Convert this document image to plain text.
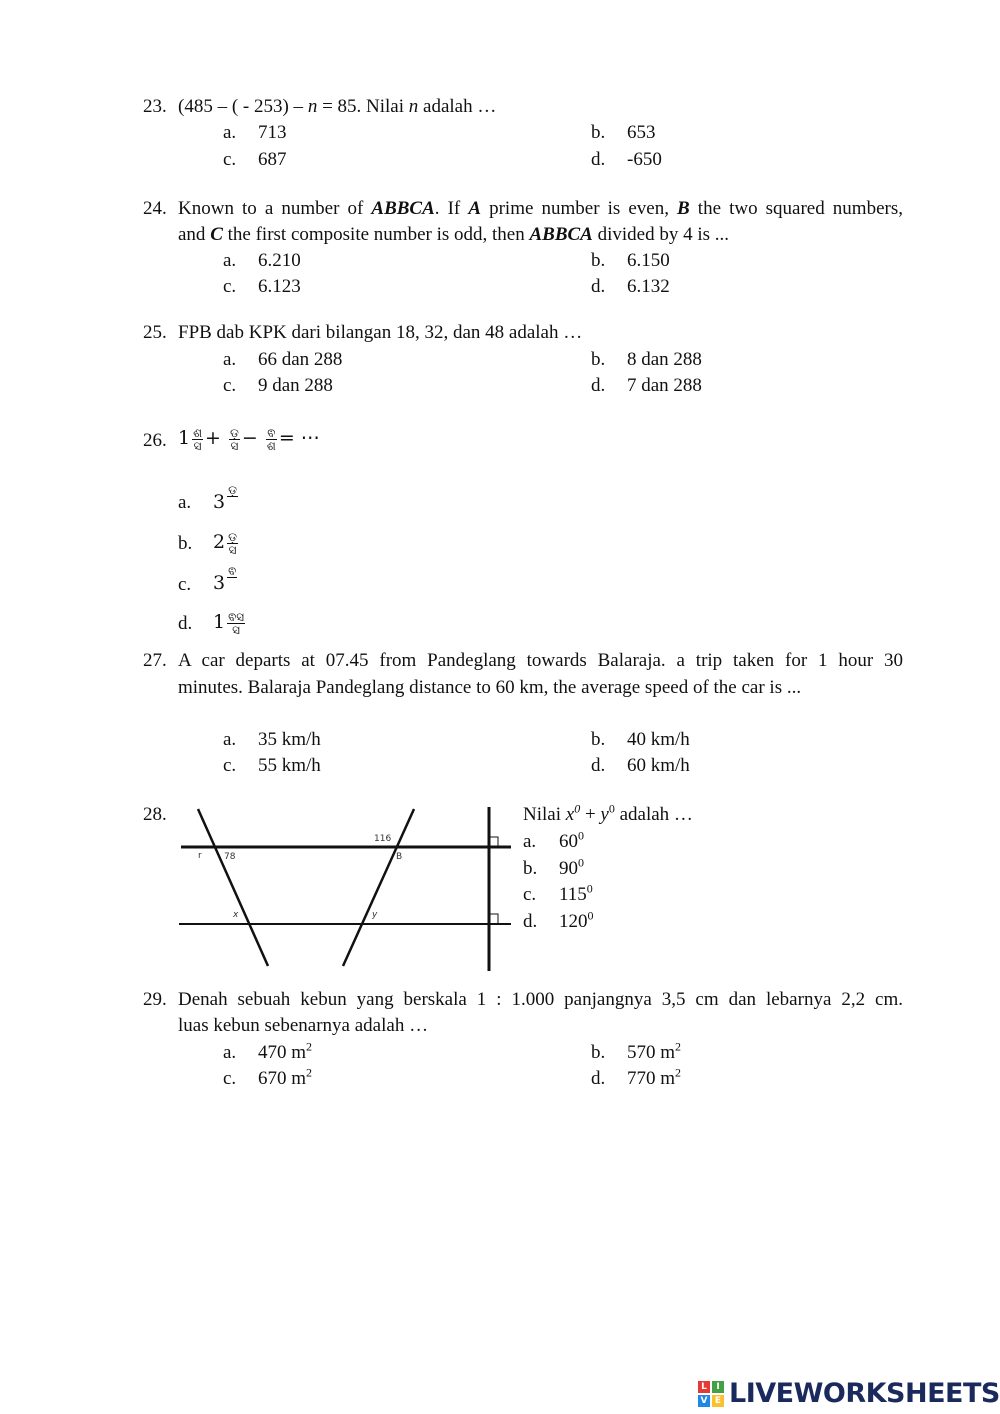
23. (485 – ( - 253) – n = 85. Nilai n adalah …
a. 713	b. 653
c. 687	d. -650
24. Known to a number of ABBCA. If A prime number is even, B the two squared numbers,
and C the first composite number is odd, then ABBCA divided by 4 is ...
a. 6.210	b. 6.150
c. 6.123	d. 6.132
25. FPB dab KPK dari bilangan 18, 32, dan 48 adalah …
a. 66 dan 288	b. 8 dan 288
c. 9 dan 288	d. 7 dan 288
26. 1 ଶ
ସ + ଡ଼
ସ − ଵ
ଶ = ⋯
a. 3
ଡ଼
b. 2 ଡ଼
ସ
c. 3
ଵ
d. 1 ଵସ
ସ
27. A car departs at 07.45 from Pandeglang towards Balaraja. a trip taken for 1 hour 30
minutes. Balaraja Pandeglang distance to 60 km, the average speed of the car is ...
a. 35 km/h	b. 40 km/h
c. 55 km/h	d. 60 km/h
28.
116
r 78	B
x	y
Nilai $x^0 + y^0$ adalah …
a. $60^0$
b. $90^0$
c. $115^0$
d. $120^0$
29. Denah sebuah kebun yang berskala 1 : 1.000 panjangnya 3,5 cm dan lebarnya 2,2 cm.
luas kebun sebenarnya adalah …
a. 470 $m^2$	b. 570 $m^2$
c. 670 $m^2$	d. 770 $m^2$
L	I
V E LIVEWORKSHEETS
